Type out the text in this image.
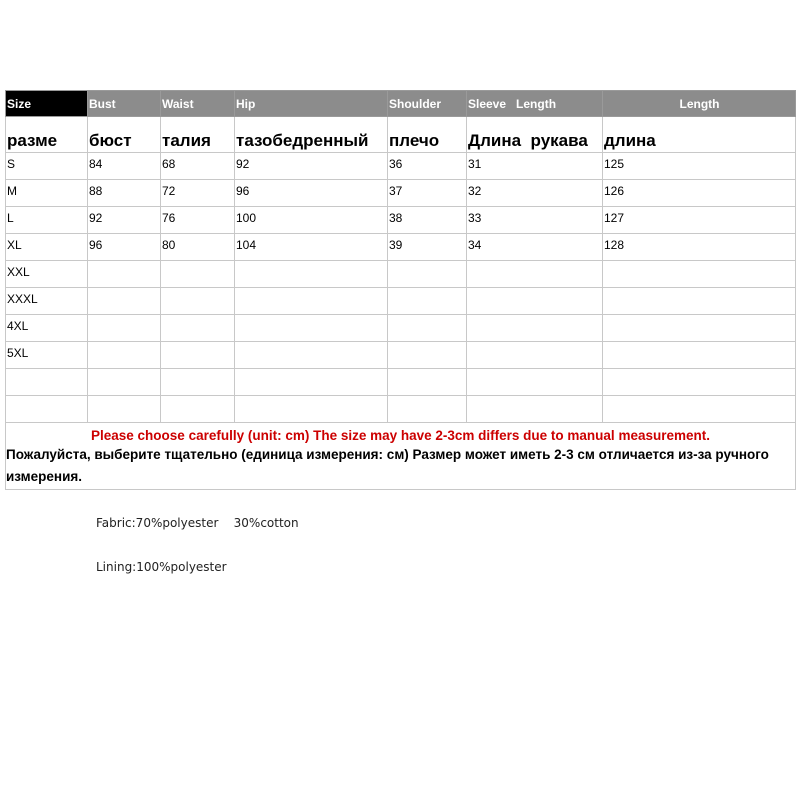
Size	Bust	Waist	Hip	Shoulder	Sleeve   Length	Length
разме	бюст	талия	тазобедренный	плечо	Длина  рукава	длина
S	84	68	92	36	31	125
M	88	72	96	37	32	126
L	92	76	100	38	33	127
XL	96	80	104	39	34	128
XXL						
XXXL						
4XL						
5XL						

Please choose carefully (unit: cm) The size may have 2-3cm differs due to manual measurement.
Пожалуйста, выберите тщательно (единица измерения: см) Размер может иметь 2-3 см отличается из-за ручного измерения.						
Fabric:70%polyester    30%cotton
Lining:100%polyester
